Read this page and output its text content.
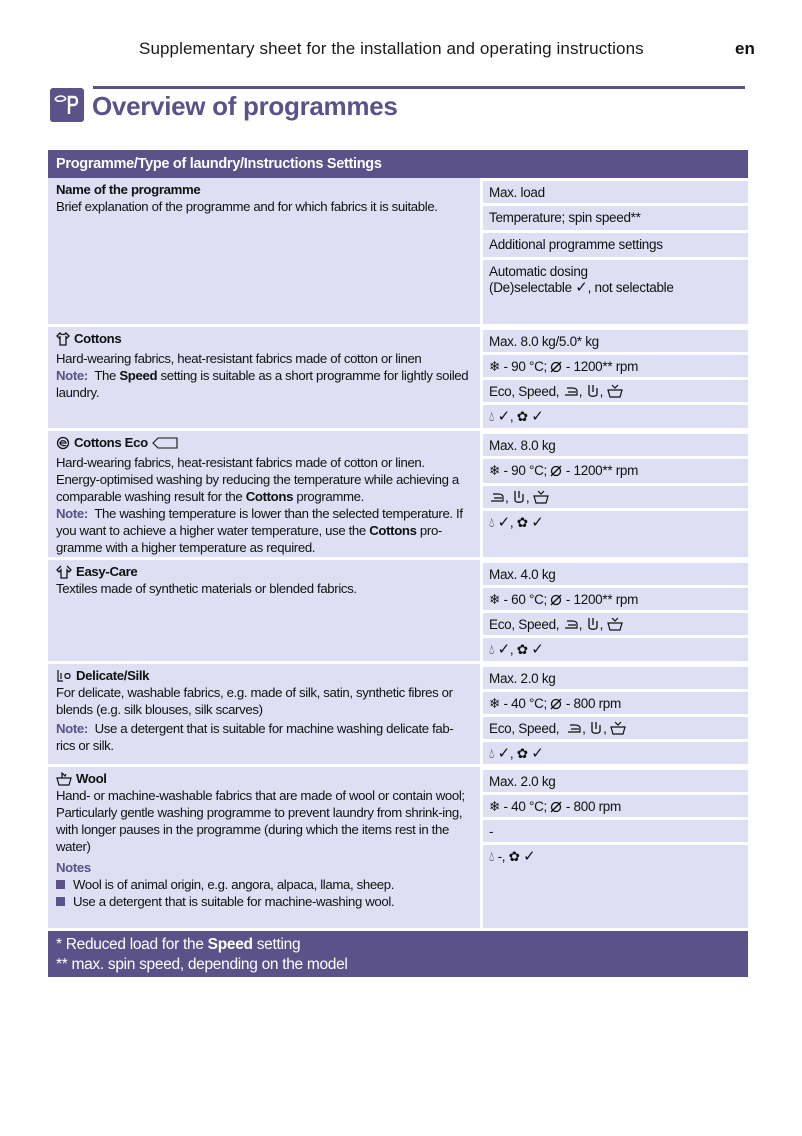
Supplementary sheet for the installation and operating instructions	en
Overview of programmes
Programme/Type of laundry/Instructions Settings
Name of the programme
Brief explanation of the programme and for which fabrics it is suitable.
Max. load
Temperature; spin speed**
Additional programme settings
Automatic dosing
(De)selectable ✓, not selectable
Cottons
Hard-wearing fabrics, heat-resistant fabrics made of cotton or linen
Note: The Speed setting is suitable as a short programme for lightly soiled laundry.
Max. 8.0 kg/5.0* kg
❄ - 90 °C; - 1200** rpm
Eco, Speed, , ,
💧︎ ✓, ✿ ✓
Cottons Eco
Hard-wearing fabrics, heat-resistant fabrics made of cotton or linen.
Energy-optimised washing by reducing the temperature while achieving a comparable washing result for the Cottons programme.
Note: The washing temperature is lower than the selected temperature. If you want to achieve a higher water temperature, use the Cottons pro-gramme with a higher temperature as required.
Max. 8.0 kg
❄ - 90 °C; - 1200** rpm
, ,
💧︎ ✓, ✿ ✓
Easy-Care
Textiles made of synthetic materials or blended fabrics.
Max. 4.0 kg
❄ - 60 °C; - 1200** rpm
Eco, Speed, , ,
💧︎ ✓, ✿ ✓
Delicate/Silk
For delicate, washable fabrics, e.g. made of silk, satin, synthetic fibres or blends (e.g. silk blouses, silk scarves)
Note: Use a detergent that is suitable for machine washing delicate fab-rics or silk.
Max. 2.0 kg
❄ - 40 °C; - 800 rpm
Eco, Speed, , ,
💧︎ ✓, ✿ ✓
Wool
Hand- or machine-washable fabrics that are made of wool or contain wool;
Particularly gentle washing programme to prevent laundry from shrink-ing, with longer pauses in the programme (during which the items rest in the water)
Notes
Wool is of animal origin, e.g. angora, alpaca, llama, sheep.
Use a detergent that is suitable for machine-washing wool.
Max. 2.0 kg
❄ - 40 °C; - 800 rpm
-
💧︎ -, ✿ ✓
* Reduced load for the Speed setting
** max. spin speed, depending on the model
